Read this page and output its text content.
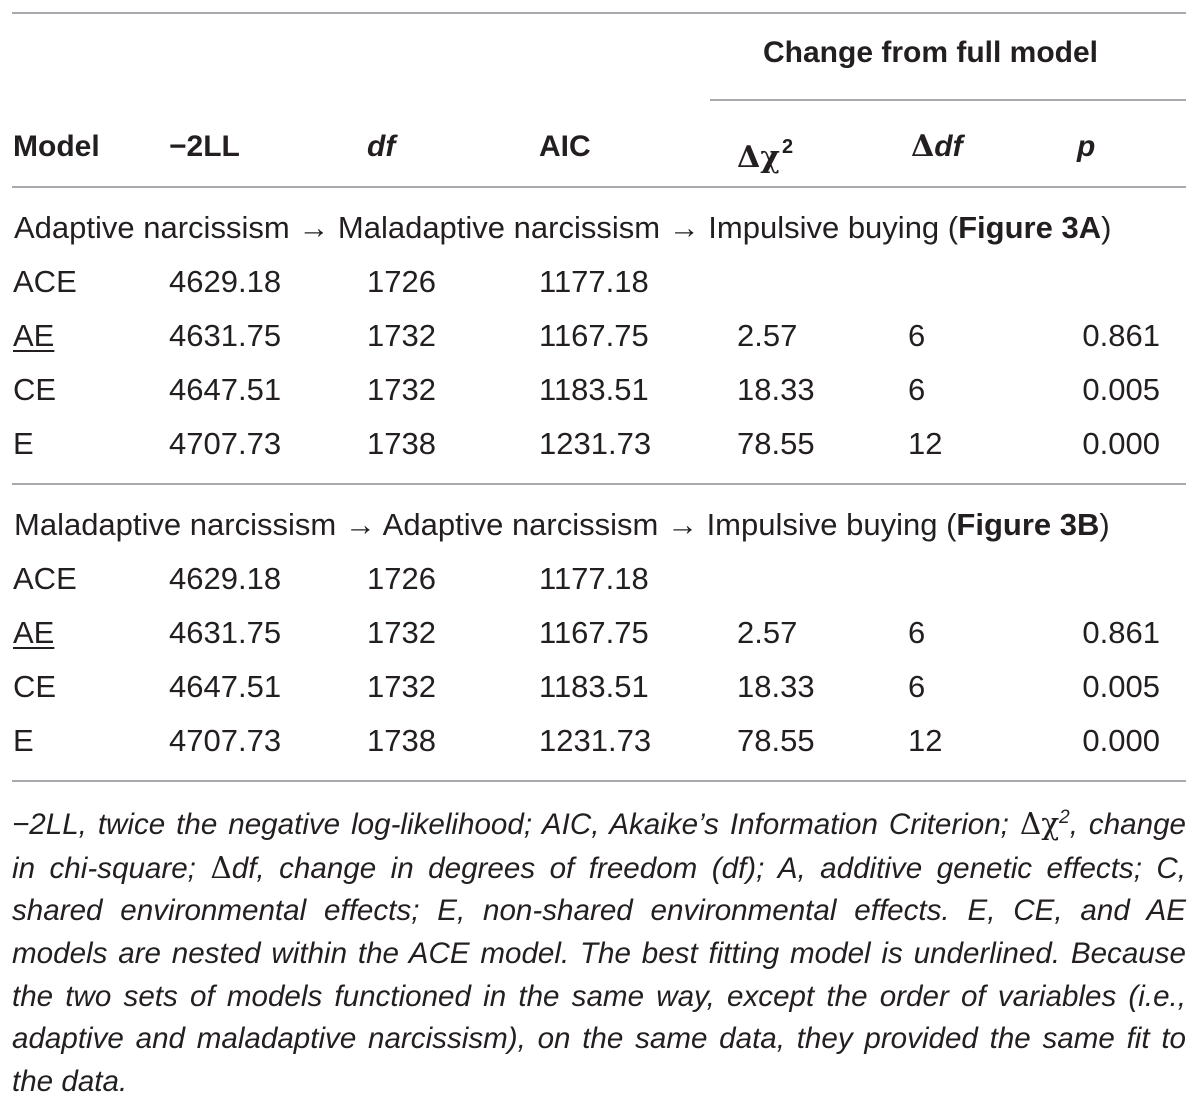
Change from full model
Model −2LL	df	AIC	Δχ $^2$	Δdf	p
Adaptive narcissism → Maladaptive narcissism → Impulsive buying (Figure 3A)
ACE	4629.18	1726	1177.18
AE	4631.75	1732	1167.75	2.57	6	0.861
CE	4647.51	1732	1183.51	18.33	6	0.005
E	4707.73	1738	1231.73	78.55	12	0.000
Maladaptive narcissism → Adaptive narcissism → Impulsive buying (Figure 3B)
ACE	4629.18	1726	1177.18
AE	4631.75	1732	1167.75	2.57	6	0.861
CE	4647.51	1732	1183.51	18.33	6	0.005
E	4707.73	1738	1231.73	78.55	12	0.000
−2LL, twice the negative log-likelihood; AIC, Akaike’s Information Criterion; $\Delta\chi^2$, change in chi-square; Δdf, change in degrees of freedom (df); A, additive genetic effects; C, shared environmental effects; E, non-shared environmental effects. E, CE, and AE models are nested within the ACE model. The best fitting model is underlined. Because the two sets of models functioned in the same way, except the order of variables (i.e., adaptive and maladaptive narcissism), on the same data, they provided the same fit to the data.
